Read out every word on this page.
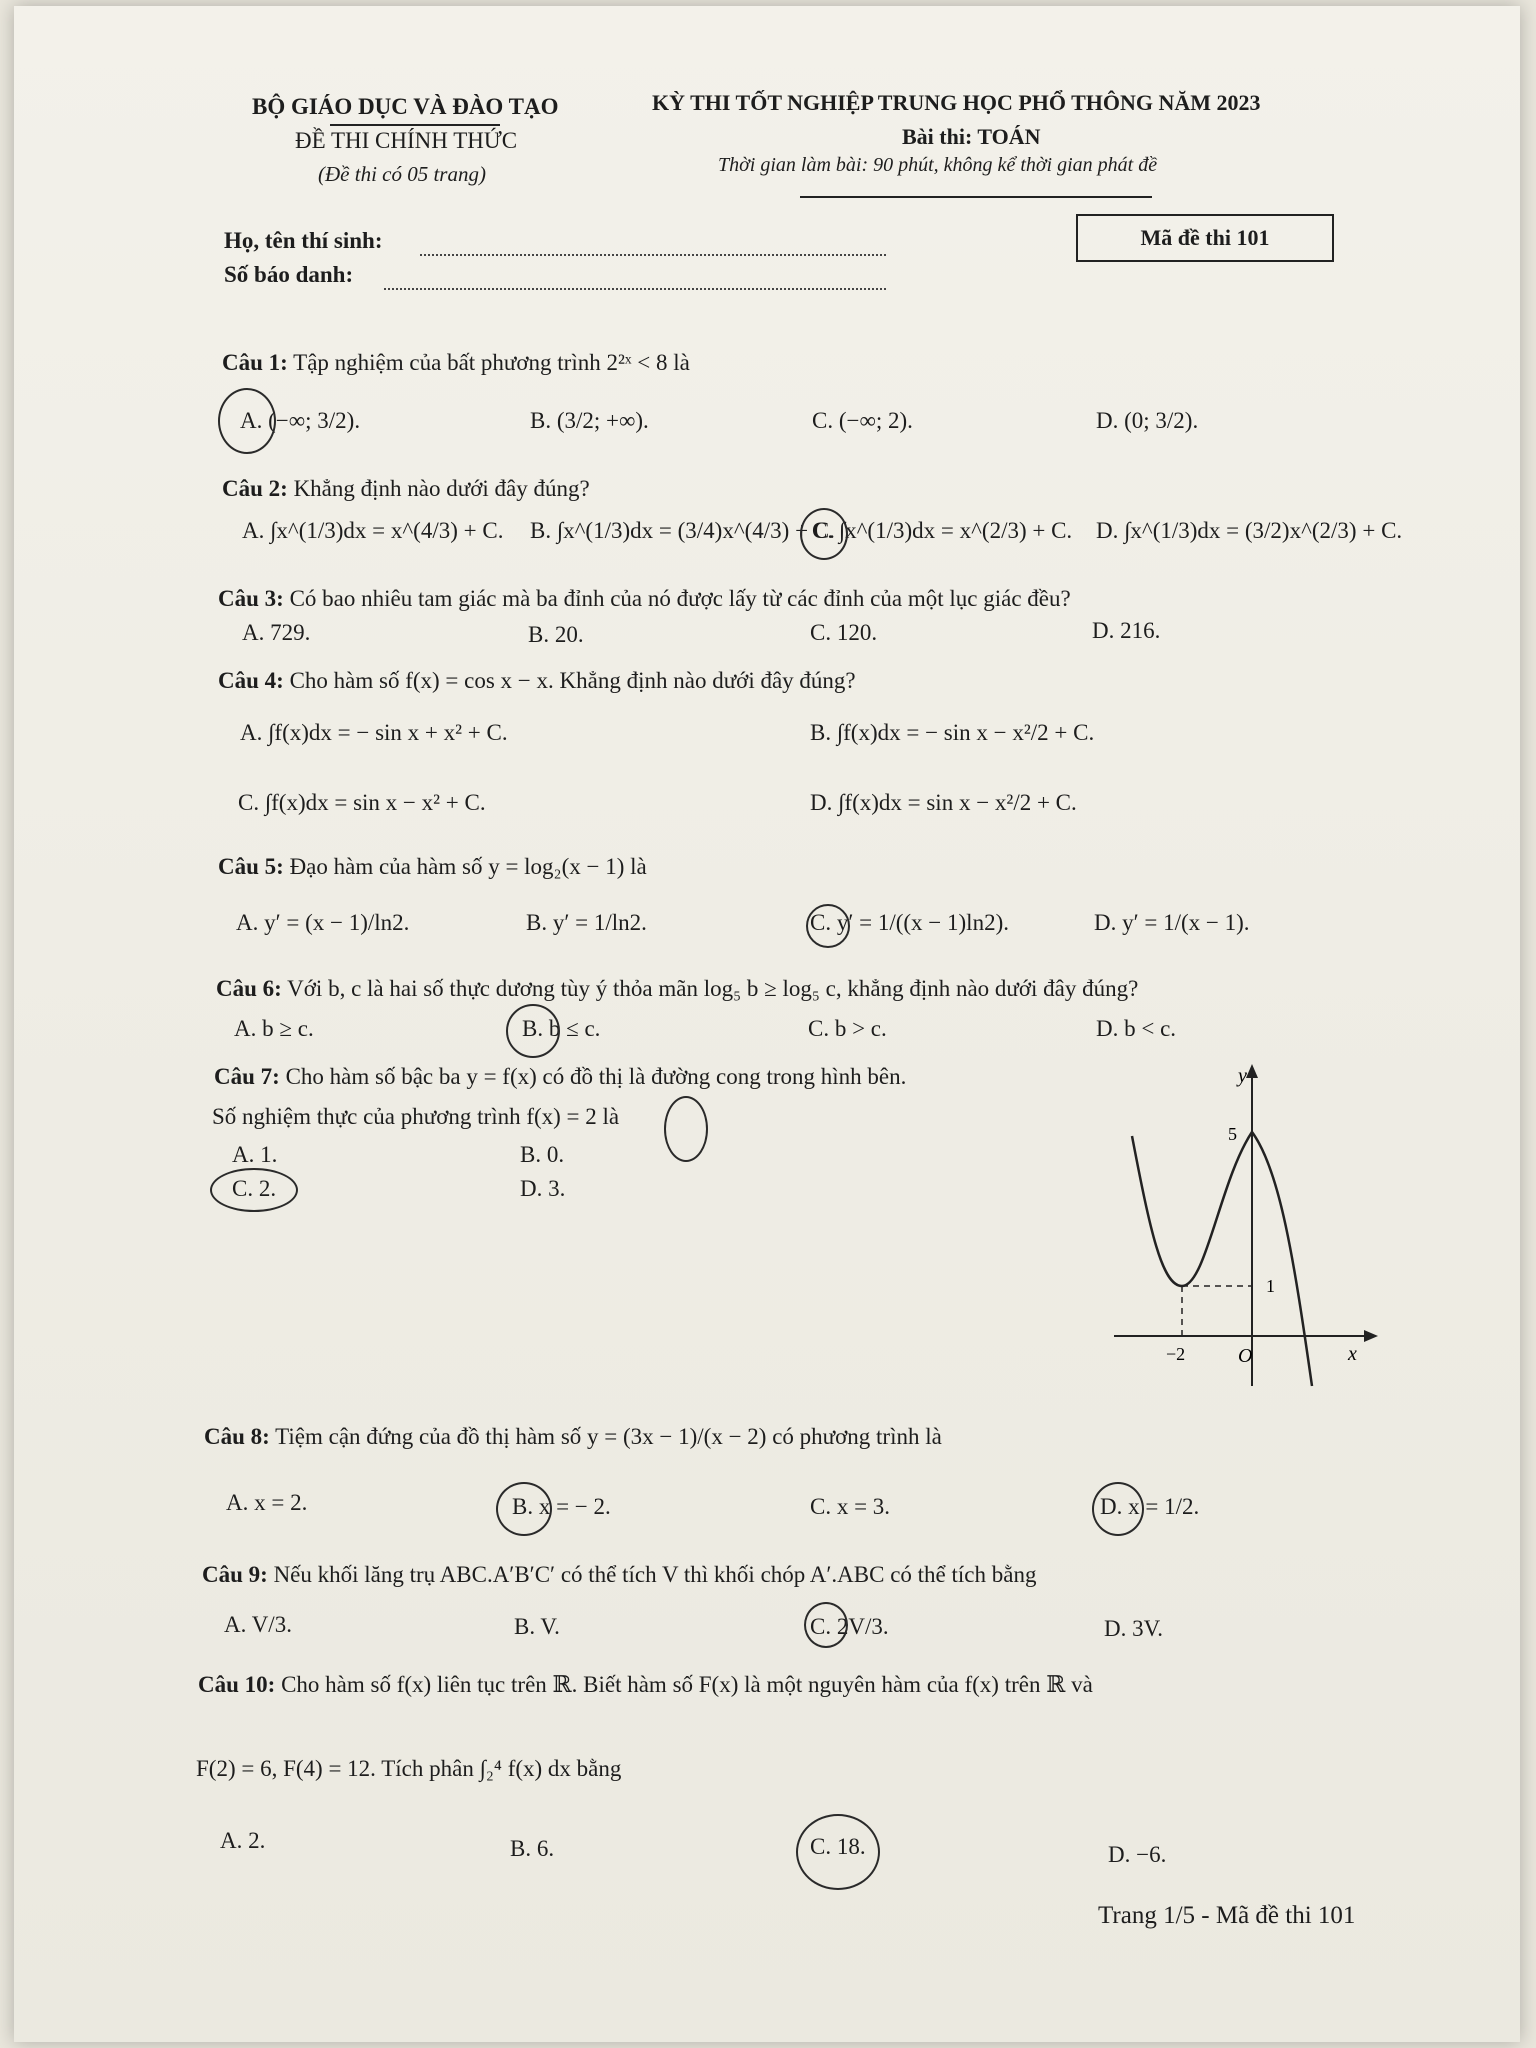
BỘ GIÁO DỤC VÀ ĐÀO TẠO
ĐỀ THI CHÍNH THỨC
(Đề thi có 05 trang)
KỲ THI TỐT NGHIỆP TRUNG HỌC PHỔ THÔNG NĂM 2023
Bài thi: TOÁN
Thời gian làm bài: 90 phút, không kể thời gian phát đề
Họ, tên thí sinh:
Số báo danh:
Mã đề thi 101
Câu 1: Tập nghiệm của bất phương trình 2²ˣ < 8 là
A. (−∞; 3/2).	B. (3/2; +∞).	C. (−∞; 2).	D. (0; 3/2).
Câu 2: Khẳng định nào dưới đây đúng?
A. ∫x^(1/3)dx = x^(4/3) + C. B. ∫x^(1/3)dx = (3/4)x^(4/3) + C.
C. ∫x^(1/3)dx = x^(2/3) + C. D. ∫x^(1/3)dx = (3/2)x^(2/3) + C.
Câu 3: Có bao nhiêu tam giác mà ba đỉnh của nó được lấy từ các đỉnh của một lục giác đều?
A. 729.	B. 20.	C. 120.	D. 216.
Câu 4: Cho hàm số f(x) = cos x − x. Khẳng định nào dưới đây đúng?
A. ∫f(x)dx = − sin x + x² + C.	B. ∫f(x)dx = − sin x − x²/2 + C.
C. ∫f(x)dx = sin x − x² + C.	D. ∫f(x)dx = sin x − x²/2 + C.
Câu 5: Đạo hàm của hàm số y = log₂(x − 1) là
A. y′ = (x − 1)/ln2.	B. y′ = 1/ln2.	C. y′ = 1/((x − 1)ln2).	D. y′ = 1/(x − 1).
Câu 6: Với b, c là hai số thực dương tùy ý thỏa mãn log₅ b ≥ log₅ c, khẳng định nào dưới đây đúng?
A. b ≥ c.	B. b ≤ c.	C. b > c.	D. b < c.
Câu 7: Cho hàm số bậc ba y = f(x) có đồ thị là đường cong trong hình bên.
Số nghiệm thực của phương trình f(x) = 2 là
A. 1.	B. 0.
C. 2.	D. 3.
y
5
1
−2	O	x
Câu 8: Tiệm cận đứng của đồ thị hàm số y = (3x − 1)/(x − 2) có phương trình là
A. x = 2.	B. x = − 2.	C. x = 3.	D. x = 1/2.
Câu 9: Nếu khối lăng trụ ABC.A′B′C′ có thể tích V thì khối chóp A′.ABC có thể tích bằng
A. V/3.	B. V.	C. 2V/3.	D. 3V.
Câu 10: Cho hàm số f(x) liên tục trên ℝ. Biết hàm số F(x) là một nguyên hàm của f(x) trên ℝ và
F(2) = 6, F(4) = 12. Tích phân ∫₂⁴ f(x) dx bằng
A. 2.	B. 6.	C. 18.	D. −6.
Trang 1/5 - Mã đề thi 101
